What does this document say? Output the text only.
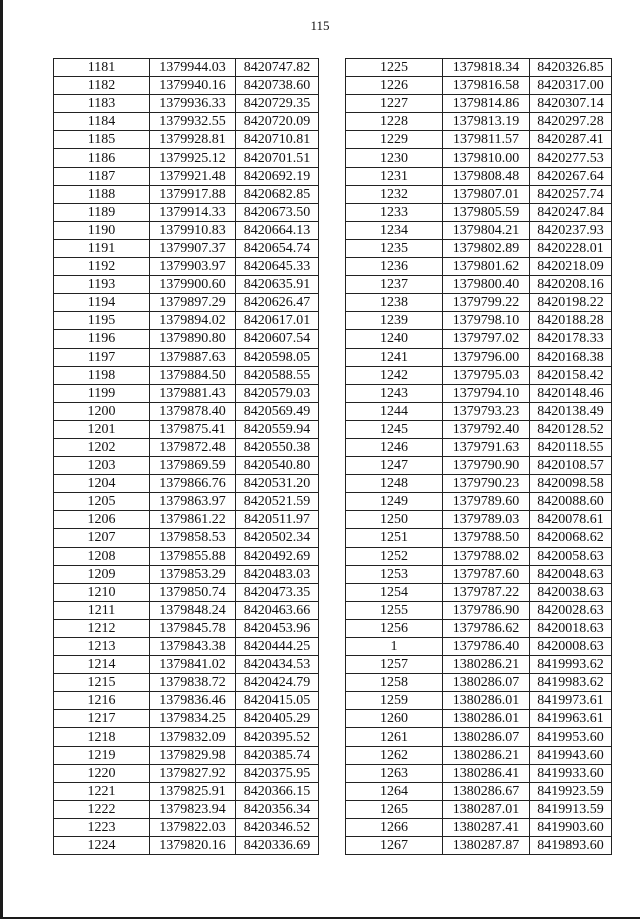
115
1181	1379944.03	8420747.82
1182	1379940.16	8420738.60
1183	1379936.33	8420729.35
1184	1379932.55	8420720.09
1185	1379928.81	8420710.81
1186	1379925.12	8420701.51
1187	1379921.48	8420692.19
1188	1379917.88	8420682.85
1189	1379914.33	8420673.50
1190	1379910.83	8420664.13
1191	1379907.37	8420654.74
1192	1379903.97	8420645.33
1193	1379900.60	8420635.91
1194	1379897.29	8420626.47
1195	1379894.02	8420617.01
1196	1379890.80	8420607.54
1197	1379887.63	8420598.05
1198	1379884.50	8420588.55
1199	1379881.43	8420579.03
1200	1379878.40	8420569.49
1201	1379875.41	8420559.94
1202	1379872.48	8420550.38
1203	1379869.59	8420540.80
1204	1379866.76	8420531.20
1205	1379863.97	8420521.59
1206	1379861.22	8420511.97
1207	1379858.53	8420502.34
1208	1379855.88	8420492.69
1209	1379853.29	8420483.03
1210	1379850.74	8420473.35
1211	1379848.24	8420463.66
1212	1379845.78	8420453.96
1213	1379843.38	8420444.25
1214	1379841.02	8420434.53
1215	1379838.72	8420424.79
1216	1379836.46	8420415.05
1217	1379834.25	8420405.29
1218	1379832.09	8420395.52
1219	1379829.98	8420385.74
1220	1379827.92	8420375.95
1221	1379825.91	8420366.15
1222	1379823.94	8420356.34
1223	1379822.03	8420346.52
1224	1379820.16	8420336.69
1225	1379818.34	8420326.85
1226	1379816.58	8420317.00
1227	1379814.86	8420307.14
1228	1379813.19	8420297.28
1229	1379811.57	8420287.41
1230	1379810.00	8420277.53
1231	1379808.48	8420267.64
1232	1379807.01	8420257.74
1233	1379805.59	8420247.84
1234	1379804.21	8420237.93
1235	1379802.89	8420228.01
1236	1379801.62	8420218.09
1237	1379800.40	8420208.16
1238	1379799.22	8420198.22
1239	1379798.10	8420188.28
1240	1379797.02	8420178.33
1241	1379796.00	8420168.38
1242	1379795.03	8420158.42
1243	1379794.10	8420148.46
1244	1379793.23	8420138.49
1245	1379792.40	8420128.52
1246	1379791.63	8420118.55
1247	1379790.90	8420108.57
1248	1379790.23	8420098.58
1249	1379789.60	8420088.60
1250	1379789.03	8420078.61
1251	1379788.50	8420068.62
1252	1379788.02	8420058.63
1253	1379787.60	8420048.63
1254	1379787.22	8420038.63
1255	1379786.90	8420028.63
1256	1379786.62	8420018.63
1	1379786.40	8420008.63
1257	1380286.21	8419993.62
1258	1380286.07	8419983.62
1259	1380286.01	8419973.61
1260	1380286.01	8419963.61
1261	1380286.07	8419953.60
1262	1380286.21	8419943.60
1263	1380286.41	8419933.60
1264	1380286.67	8419923.59
1265	1380287.01	8419913.59
1266	1380287.41	8419903.60
1267	1380287.87	8419893.60
